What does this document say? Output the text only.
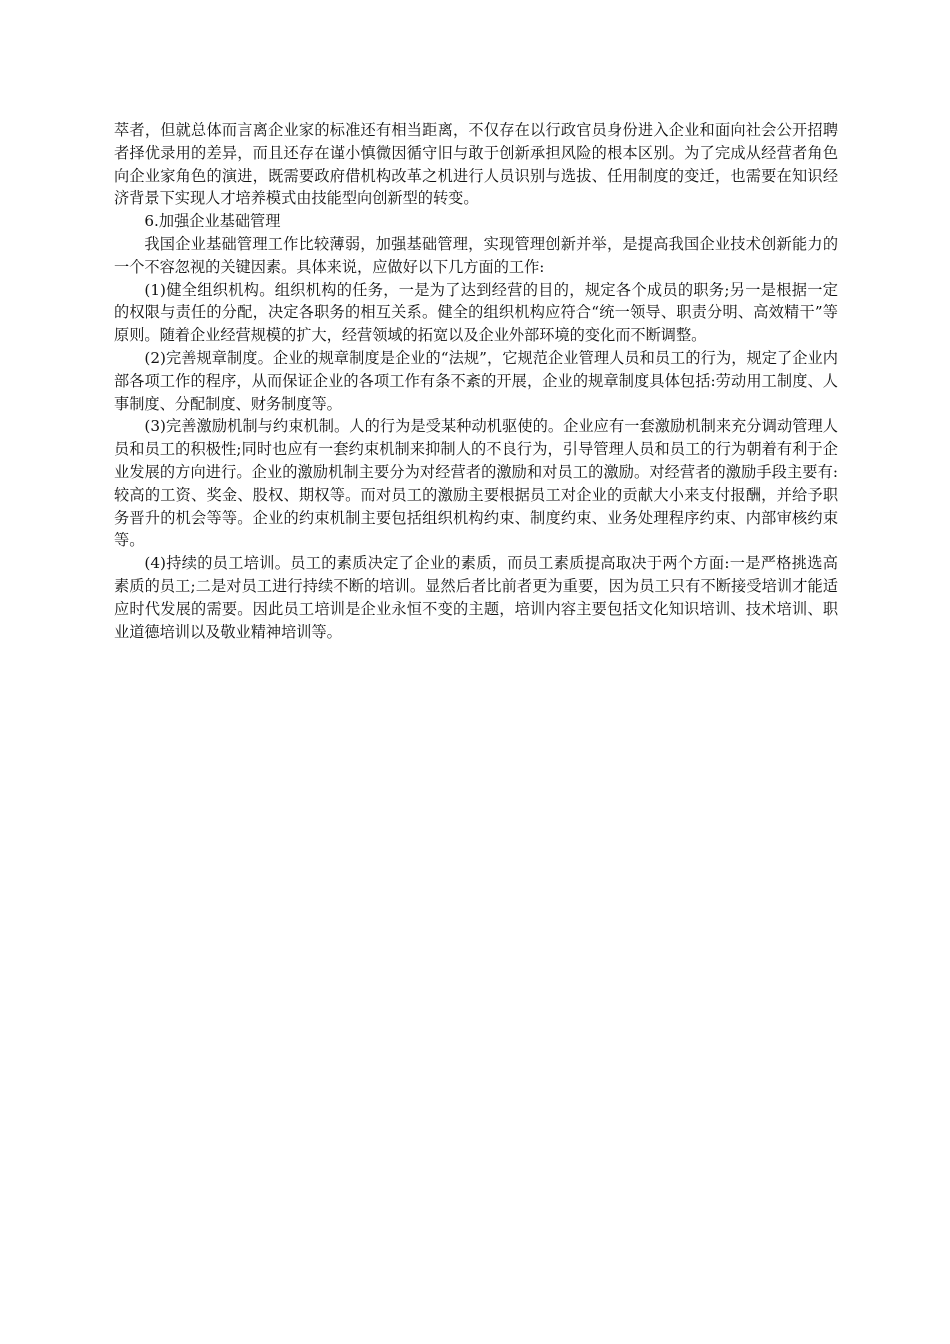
萃者，但就总体而言离企业家的标准还有相当距离，不仅存在以行政官员身份进入企业和面向社会公开招聘者择优录用的差异，而且还存在谨小慎微因循守旧与敢于创新承担风险的根本区别。为了完成从经营者角色向企业家角色的演进，既需要政府借机构改革之机进行人员识别与选拔、任用制度的变迁，也需要在知识经济背景下实现人才培养模式由技能型向创新型的转变。

6.加强企业基础管理

我国企业基础管理工作比较薄弱，加强基础管理，实现管理创新并举，是提高我国企业技术创新能力的一个不容忽视的关键因素。具体来说，应做好以下几方面的工作:

(1)健全组织机构。组织机构的任务，一是为了达到经营的目的，规定各个成员的职务;另一是根据一定的权限与责任的分配，决定各职务的相互关系。健全的组织机构应符合“统一领导、职责分明、高效精干”等原则。随着企业经营规模的扩大，经营领域的拓宽以及企业外部环境的变化而不断调整。

(2)完善规章制度。企业的规章制度是企业的“法规”，它规范企业管理人员和员工的行为，规定了企业内部各项工作的程序，从而保证企业的各项工作有条不紊的开展，企业的规章制度具体包括:劳动用工制度、人事制度、分配制度、财务制度等。

(3)完善激励机制与约束机制。人的行为是受某种动机驱使的。企业应有一套激励机制来充分调动管理人员和员工的积极性;同时也应有一套约束机制来抑制人的不良行为，引导管理人员和员工的行为朝着有利于企业发展的方向进行。企业的激励机制主要分为对经营者的激励和对员工的激励。对经营者的激励手段主要有:较高的工资、奖金、股权、期权等。而对员工的激励主要根据员工对企业的贡献大小来支付报酬，并给予职务晋升的机会等等。企业的约束机制主要包括组织机构约束、制度约束、业务处理程序约束、内部审核约束等。

(4)持续的员工培训。员工的素质决定了企业的素质，而员工素质提高取决于两个方面:一是严格挑选高素质的员工;二是对员工进行持续不断的培训。显然后者比前者更为重要，因为员工只有不断接受培训才能适应时代发展的需要。因此员工培训是企业永恒不变的主题，培训内容主要包括文化知识培训、技术培训、职业道德培训以及敬业精神培训等。
